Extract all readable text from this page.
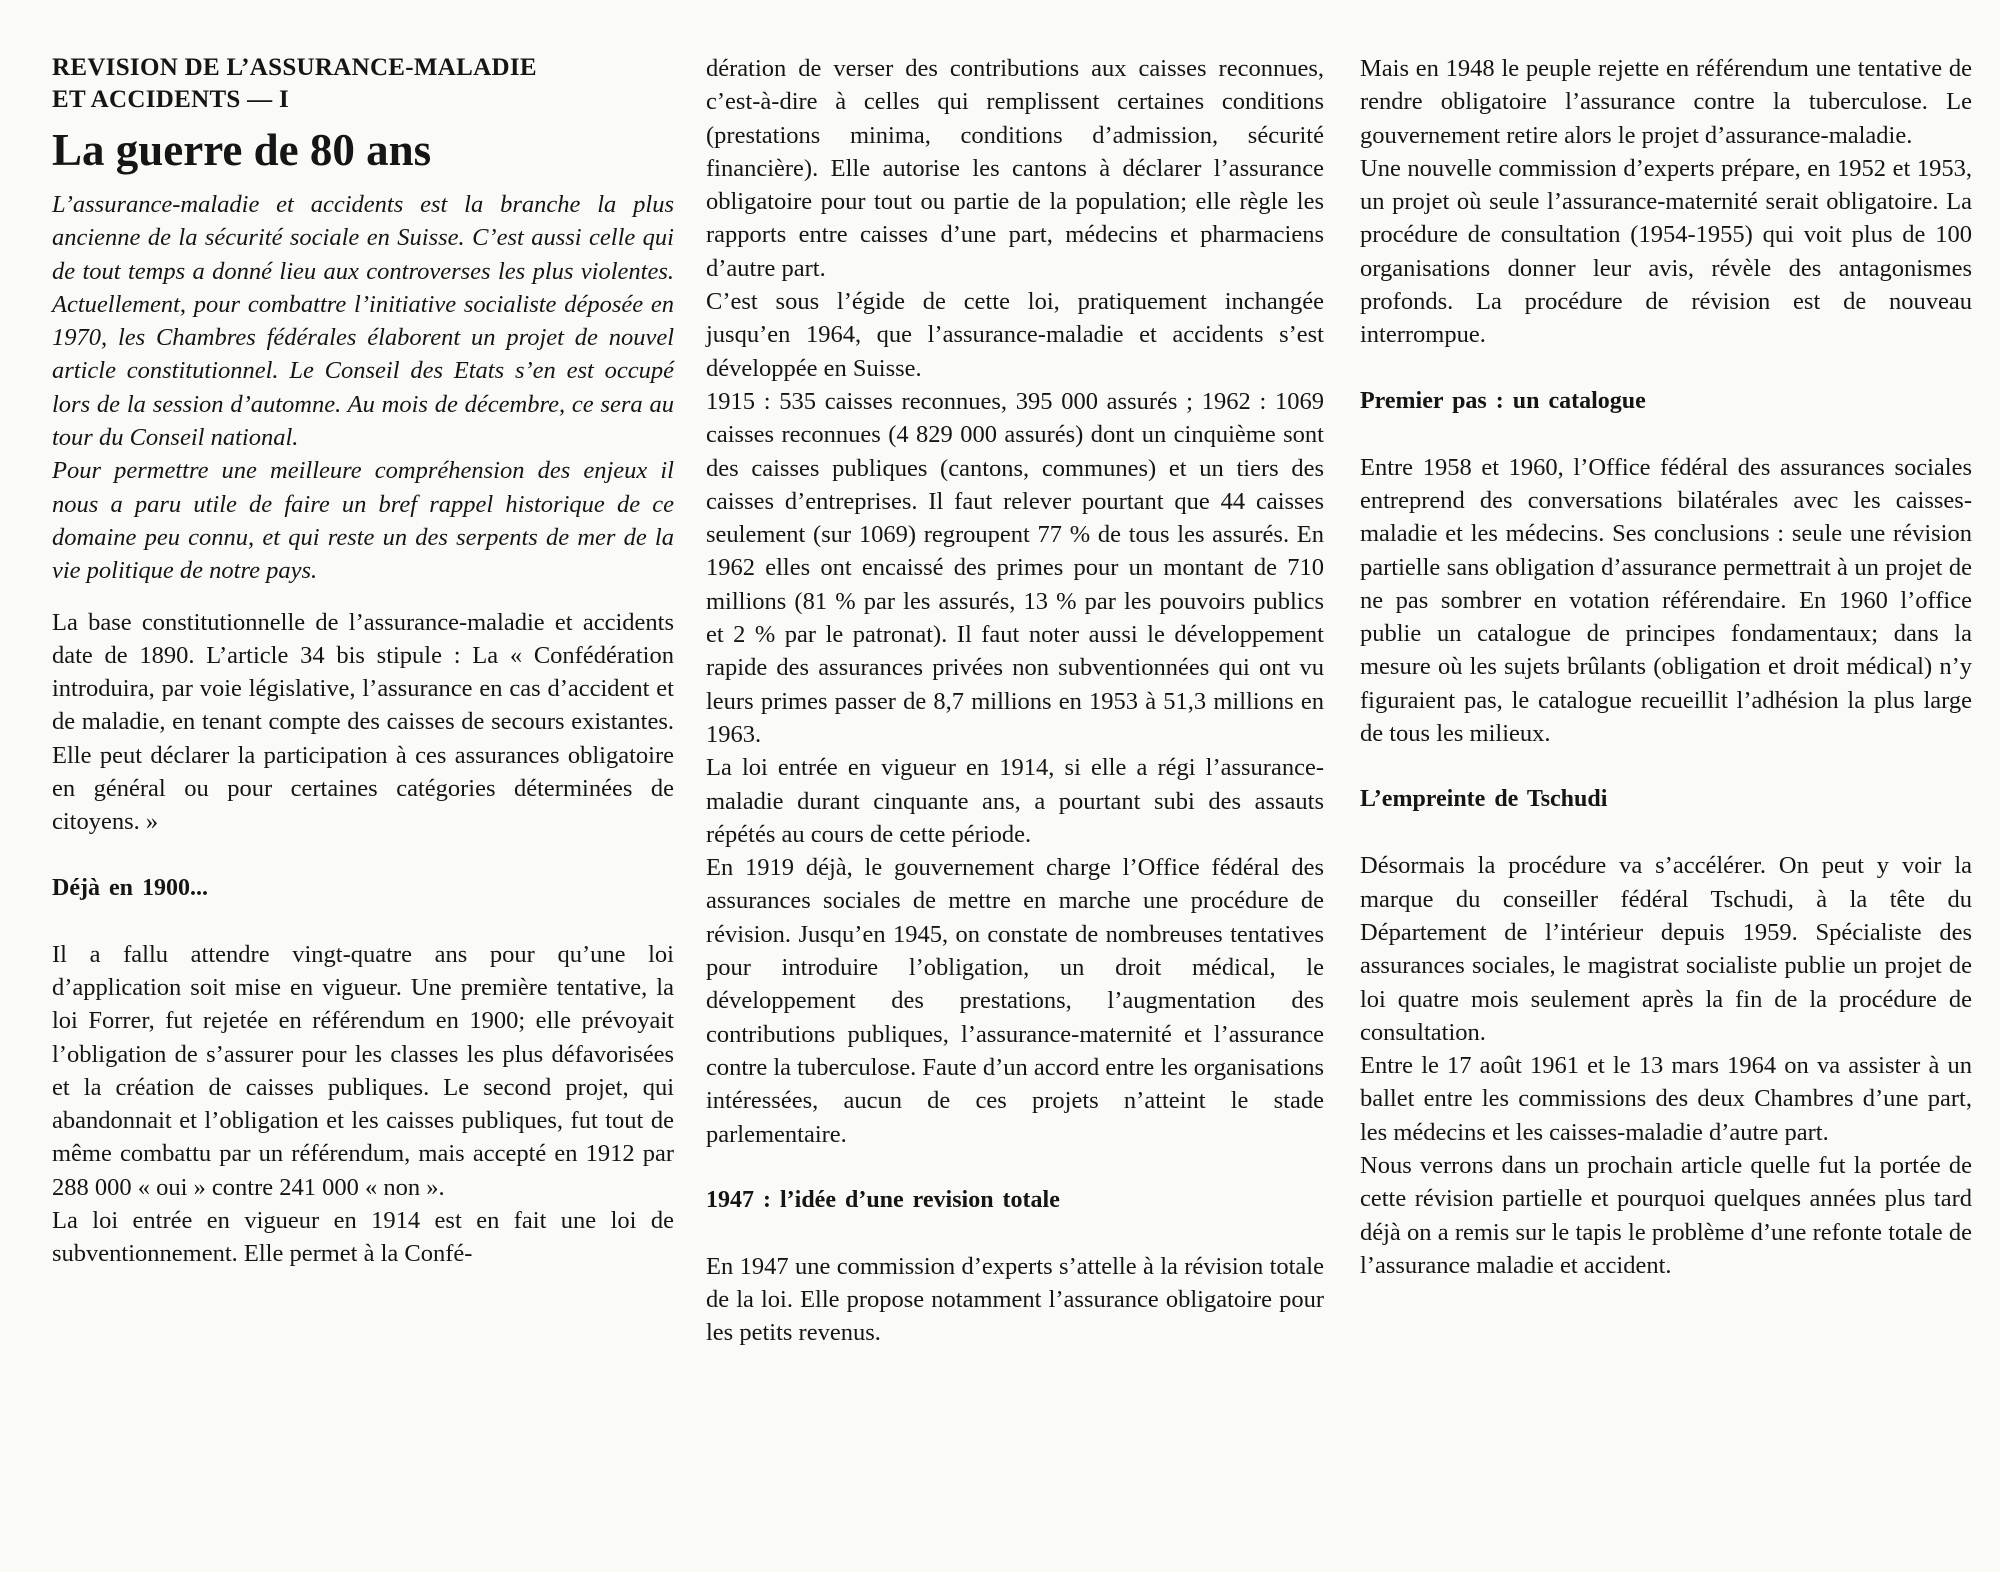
REVISION DE L’ASSURANCE-MALADIE

ET ACCIDENTS — I

La guerre de 80 ans

L’assurance-maladie et accidents est la branche la plus ancienne de la sécurité sociale en Suisse. C’est aussi celle qui de tout temps a donné lieu aux controverses les plus violentes. Actuellement, pour combattre l’initiative socialiste déposée en 1970, les Chambres fédérales élaborent un projet de nouvel article constitutionnel. Le Conseil des Etats s’en est occupé lors de la session d’automne. Au mois de décembre, ce sera au tour du Conseil national.

Pour permettre une meilleure compréhension des enjeux il nous a paru utile de faire un bref rappel historique de ce domaine peu connu, et qui reste un des serpents de mer de la vie politique de notre pays.

La base constitutionnelle de l’assurance-maladie et accidents date de 1890. L’article 34 bis stipule : La « Confédération introduira, par voie législative, l’assurance en cas d’accident et de maladie, en tenant compte des caisses de secours existantes. Elle peut déclarer la participation à ces assurances obligatoire en général ou pour certaines catégories déterminées de citoyens. »

Déjà en 1900...

Il a fallu attendre vingt-quatre ans pour qu’une loi d’application soit mise en vigueur. Une première tentative, la loi Forrer, fut rejetée en référendum en 1900; elle prévoyait l’obligation de s’assurer pour les classes les plus défavorisées et la création de caisses publiques. Le second projet, qui abandonnait et l’obligation et les caisses publiques, fut tout de même combattu par un référendum, mais accepté en 1912 par 288 000 « oui » contre 241 000 « non ».

La loi entrée en vigueur en 1914 est en fait une loi de subventionnement. Elle permet à la Confé-

dération de verser des contributions aux caisses reconnues, c’est-à-dire à celles qui remplissent certaines conditions (prestations minima, conditions d’admission, sécurité financière). Elle autorise les cantons à déclarer l’assurance obligatoire pour tout ou partie de la population; elle règle les rapports entre caisses d’une part, médecins et pharmaciens d’autre part.

C’est sous l’égide de cette loi, pratiquement inchangée jusqu’en 1964, que l’assurance-maladie et accidents s’est développée en Suisse.

1915 : 535 caisses reconnues, 395 000 assurés ; 1962 : 1069 caisses reconnues (4 829 000 assurés) dont un cinquième sont des caisses publiques (cantons, communes) et un tiers des caisses d’entreprises. Il faut relever pourtant que 44 caisses seulement (sur 1069) regroupent 77 % de tous les assurés. En 1962 elles ont encaissé des primes pour un montant de 710 millions (81 % par les assurés, 13 % par les pouvoirs publics et 2 % par le patronat). Il faut noter aussi le développement rapide des assurances privées non subventionnées qui ont vu leurs primes passer de 8,7 millions en 1953 à 51,3 millions en 1963.

La loi entrée en vigueur en 1914, si elle a régi l’assurance-maladie durant cinquante ans, a pourtant subi des assauts répétés au cours de cette période.

En 1919 déjà, le gouvernement charge l’Office fédéral des assurances sociales de mettre en marche une procédure de révision. Jusqu’en 1945, on constate de nombreuses tentatives pour introduire l’obligation, un droit médical, le développement des prestations, l’augmentation des contributions publiques, l’assurance-maternité et l’assurance contre la tuberculose. Faute d’un accord entre les organisations intéressées, aucun de ces projets n’atteint le stade parlementaire.

1947 : l’idée d’une revision totale

En 1947 une commission d’experts s’attelle à la révision totale de la loi. Elle propose notamment l’assurance obligatoire pour les petits revenus.

Mais en 1948 le peuple rejette en référendum une tentative de rendre obligatoire l’assurance contre la tuberculose. Le gouvernement retire alors le projet d’assurance-maladie.

Une nouvelle commission d’experts prépare, en 1952 et 1953, un projet où seule l’assurance-maternité serait obligatoire. La procédure de consultation (1954-1955) qui voit plus de 100 organisations donner leur avis, révèle des antagonismes profonds. La procédure de révision est de nouveau interrompue.

Premier pas : un catalogue

Entre 1958 et 1960, l’Office fédéral des assurances sociales entreprend des conversations bilatérales avec les caisses-maladie et les médecins. Ses conclusions : seule une révision partielle sans obligation d’assurance permettrait à un projet de ne pas sombrer en votation référendaire. En 1960 l’office publie un catalogue de principes fondamentaux; dans la mesure où les sujets brûlants (obligation et droit médical) n’y figuraient pas, le catalogue recueillit l’adhésion la plus large de tous les milieux.

L’empreinte de Tschudi

Désormais la procédure va s’accélérer. On peut y voir la marque du conseiller fédéral Tschudi, à la tête du Département de l’intérieur depuis 1959. Spécialiste des assurances sociales, le magistrat socialiste publie un projet de loi quatre mois seulement après la fin de la procédure de consultation.

Entre le 17 août 1961 et le 13 mars 1964 on va assister à un ballet entre les commissions des deux Chambres d’une part, les médecins et les caisses-maladie d’autre part.

Nous verrons dans un prochain article quelle fut la portée de cette révision partielle et pourquoi quelques années plus tard déjà on a remis sur le tapis le problème d’une refonte totale de l’assurance maladie et accident.
